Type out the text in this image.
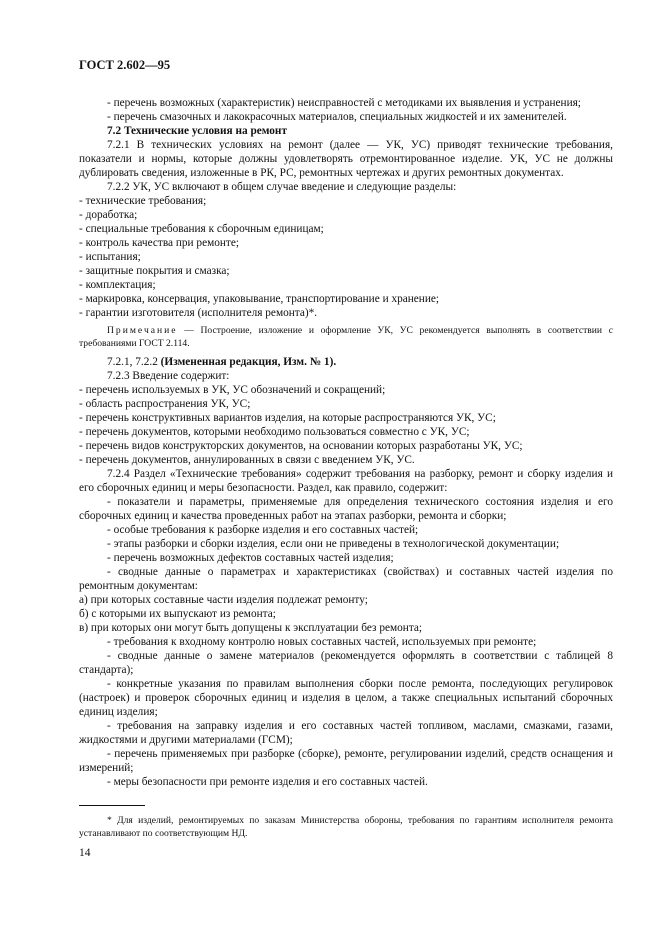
ГОСТ 2.602—95
- перечень возможных (характеристик) неисправностей с методиками их выявления и устранения;
- перечень смазочных и лакокрасочных материалов, специальных жидкостей и их заменителей.
7.2 Технические условия на ремонт
7.2.1 В технических условиях на ремонт (далее — УК, УС) приводят технические требования, показатели и нормы, которые должны удовлетворять отремонтированное изделие. УК, УС не должны дублировать сведения, изложенные в РК, РС, ремонтных чертежах и других ремонтных документах.
7.2.2 УК, УС включают в общем случае введение и следующие разделы:
- технические требования;
- доработка;
- специальные требования к сборочным единицам;
- контроль качества при ремонте;
- испытания;
- защитные покрытия и смазка;
- комплектация;
- маркировка, консервация, упаковывание, транспортирование и хранение;
- гарантии изготовителя (исполнителя ремонта)*.
Примечание — Построение, изложение и оформление УК, УС рекомендуется выполнять в соответствии с требованиями ГОСТ 2.114.
7.2.1, 7.2.2 (Измененная редакция, Изм. № 1).
7.2.3 Введение содержит:
- перечень используемых в УК, УС обозначений и сокращений;
- область распространения УК, УС;
- перечень конструктивных вариантов изделия, на которые распространяются УК, УС;
- перечень документов, которыми необходимо пользоваться совместно с УК, УС;
- перечень видов конструкторских документов, на основании которых разработаны УК, УС;
- перечень документов, аннулированных в связи с введением УК, УС.
7.2.4 Раздел «Технические требования» содержит требования на разборку, ремонт и сборку изделия и его сборочных единиц и меры безопасности. Раздел, как правило, содержит:
- показатели и параметры, применяемые для определения технического состояния изделия и его сборочных единиц и качества проведенных работ на этапах разборки, ремонта и сборки;
- особые требования к разборке изделия и его составных частей;
- этапы разборки и сборки изделия, если они не приведены в технологической документации;
- перечень возможных дефектов составных частей изделия;
- сводные данные о параметрах и характеристиках (свойствах) и составных частей изделия по ремонтным документам:
а) при которых составные части изделия подлежат ремонту;
б) с которыми их выпускают из ремонта;
в) при которых они могут быть допущены к эксплуатации без ремонта;
- требования к входному контролю новых составных частей, используемых при ремонте;
- сводные данные о замене материалов (рекомендуется оформлять в соответствии с таблицей 8 стандарта);
- конкретные указания по правилам выполнения сборки после ремонта, последующих регулировок (настроек) и проверок сборочных единиц и изделия в целом, а также специальных испытаний сборочных единиц изделия;
- требования на заправку изделия и его составных частей топливом, маслами, смазками, газами, жидкостями и другими материалами (ГСМ);
- перечень применяемых при разборке (сборке), ремонте, регулировании изделий, средств оснащения и измерений;
- меры безопасности при ремонте изделия и его составных частей.
* Для изделий, ремонтируемых по заказам Министерства обороны, требования по гарантиям исполнителя ремонта устанавливают по соответствующим НД.
14
